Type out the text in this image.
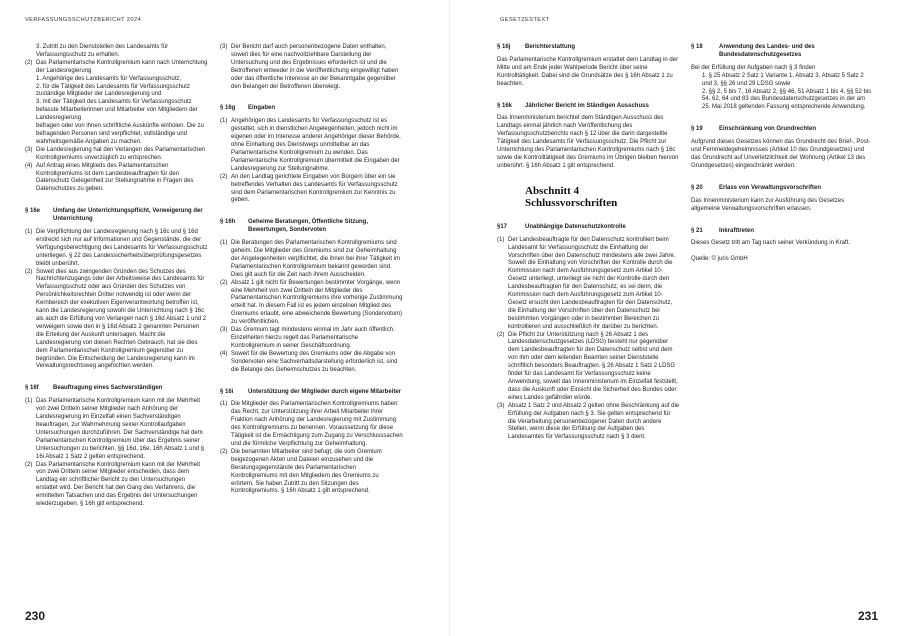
VERFASSUNGSSCHUTZBERICHT 2024

3. Zutritt zu den Dienststellen des Landesamts für Verfassungsschutz zu erhalten.

(2) Das Parlamentarische Kontrollgremium kann nach Unterrichtung der Landesregierung

1. Angehörige des Landesamts für Verfassungsschutz,

2. für die Tätigkeit des Landesamts für Verfassungsschutz zuständige Mitglieder der Landesregierung und

3. mit der Tätigkeit des Landesamts für Verfassungsschutz befasste Mitarbeiterinnen und Mitarbeiter von Mitgliedern der Landesregierung

befragen oder von ihnen schriftliche Auskünfte einholen. Die zu befragenden Personen sind verpflichtet, vollständige und wahrheitsgemäße Angaben zu machen.

(3) Die Landesregierung hat den Verlangen des Parlamentarischen Kontrollgremiums unverzüglich zu entsprechen.

(4) Auf Antrag eines Mitglieds des Parlamentarischen Kontrollgremiums ist dem Landesbeauftragten für den Datenschutz Gelegenheit zur Stellungnahme in Fragen des Datenschutzes zu geben.

§ 16e	Umfang der Unterrichtungspflicht, Verweigerung der Unterrichtung

(1) Die Verpflichtung der Landesregierung nach § 16c und § 16d erstreckt sich nur auf Informationen und Gegenstände, die der Verfügungsberechtigung des Landesamts für Verfassungsschutz unterliegen. § 22 des Landessicherheitsüberprüfungsgesetzes bleibt unberührt.

(2) Soweit dies aus zwingenden Gründen des Schutzes des Nachrichtenzugangs oder der Arbeitsweise des Landesamts für Verfassungsschutz oder aus Gründen des Schutzes von Persönlichkeitsrechten Dritter notwendig ist oder wenn der Kernbereich der exekutiven Eigenverantwortung betroffen ist, kann die Landesregierung sowohl die Unterrichtung nach § 16c als auch die Erfüllung von Verlangen nach § 16d Absatz 1 und 2 verweigern sowie den in § 16d Absatz 2 genannten Personen die Erteilung der Auskunft untersagen. Macht die Landesregierung von diesen Rechten Gebrauch, hat sie dies dem Parlamentarischen Kontrollgremium gegenüber zu begründen. Die Entscheidung der Landesregierung kann im Verwaltungsrechtsweg angefochten werden.

§ 16f	Beauftragung eines Sachverständigen

(1) Das Parlamentarische Kontrollgremium kann mit der Mehrheit von zwei Dritteln seiner Mitglieder nach Anhörung der Landesregierung im Einzelfall einen Sachverständigen beauftragen, zur Wahrnehmung seiner Kontrollaufgaben Untersuchungen durchzuführen. Der Sachverständige hat dem Parlamentarischen Kontrollgremium über das Ergebnis seiner Untersuchungen zu berichten. §§ 16d, 16e, 16h Absatz 1 und § 16i Absatz 1 Satz 2 gelten entsprechend.

(2) Das Parlamentarische Kontrollgremium kann mit der Mehrheit von zwei Dritteln seiner Mitglieder entscheiden, dass dem Landtag ein schriftlicher Bericht zu den Untersuchungen erstattet wird. Der Bericht hat den Gang des Verfahrens, die ermittelten Tatsachen und das Ergebnis der Untersuchungen wiederzugeben. § 16h gilt entsprechend.

(3) Der Bericht darf auch personenbezogene Daten enthalten, soweit dies für eine nachvollziehbare Darstellung der Untersuchung und des Ergebnisses erforderlich ist und die Betroffenen entweder in die Veröffentlichung eingewilligt haben oder das öffentliche Interesse an der Bekanntgabe gegenüber den Belangen der Betroffenen überwiegt.

§ 16g	Eingaben

(1) Angehörigen des Landesamts für Verfassungsschutz ist es gestattet, sich in dienstlichen Angelegenheiten, jedoch nicht im eigenen oder im Interesse anderer Angehöriger dieser Behörde, ohne Einhaltung des Dienstwegs unmittelbar an das Parlamentarische Kontrollgremium zu wenden. Das Parlamentarische Kontrollgremium übermittelt die Eingaben der Landesregierung zur Stellungnahme.

(2) An den Landtag gerichtete Eingaben von Bürgern über ein sie betreffendes Verhalten des Landesamts für Verfassungsschutz sind dem Parlamentarischen Kontrollgremium zur Kenntnis zu geben.

§ 16h	Geheime Beratungen, Öffentliche Sitzung, Bewertungen, Sondervoten

(1) Die Beratungen des Parlamentarischen Kontrollgremiums sind geheim. Die Mitglieder des Gremiums sind zur Geheimhaltung der Angelegenheiten verpflichtet, die ihnen bei ihrer Tätigkeit im Parlamentarischen Kontrollgremium bekannt geworden sind. Dies gilt auch für die Zeit nach ihrem Ausscheiden.

(2) Absatz 1 gilt nicht für Bewertungen bestimmter Vorgänge, wenn eine Mehrheit von zwei Dritteln der Mitglieder des Parlamentarischen Kontrollgremiums ihre vorherige Zustimmung erteilt hat. In diesem Fall ist es jedem einzelnen Mitglied des Gremiums erlaubt, eine abweichende Bewertung (Sondervotum) zu veröffentlichen.

(3) Das Gremium tagt mindestens einmal im Jahr auch öffentlich. Einzelheiten hierzu regelt das Parlamentarische Kontrollgremium in seiner Geschäftsordnung.

(4) Soweit für die Bewertung des Gremiums oder die Abgabe von Sondervoten eine Sachverhaltsdarstellung erforderlich ist, sind die Belange des Geheimschutzes zu beachten.

§ 16i	Unterstützung der Mitglieder durch eigene Mitarbeiter

(1) Die Mitglieder des Parlamentarischen Kontrollgremiums haben das Recht, zur Unterstützung ihrer Arbeit Mitarbeiter ihrer Fraktion nach Anhörung der Landesregierung mit Zustimmung des Kontrollgremiums zu benennen. Voraussetzung für diese Tätigkeit ist die Ermächtigung zum Zugang zu Verschlusssachen und die förmliche Verpflichtung zur Geheimhaltung.

(2) Die benannten Mitarbeiter sind befugt, die vom Gremium beigezogenen Akten und Dateien einzusehen und die Beratungsgegenstände des Parlamentarischen Kontrollgremiums mit den Mitgliedern des Gremiums zu erörtern. Sie haben Zutritt zu den Sitzungen des Kontrollgremiums. § 16h Absatz 1 gilt entsprechend.

230
GESETZESTEXT
§ 16j	Berichterstattung

Das Parlamentarische Kontrollgremium erstattet dem Landtag in der Mitte und am Ende jeder Wahlperiode Bericht über seine Kontrolltätigkeit. Dabei sind die Grundsätze des § 16h Absatz 1 zu beachten.

§ 16k	Jährlicher Bericht im Ständigen Ausschuss

Das Innenministerium berichtet dem Ständigen Ausschuss des Landtags einmal jährlich nach Veröffentlichung des Verfassungsschutzberichts nach § 12 über die darin dargestellte Tätigkeit des Landesamts für Verfassungsschutz. Die Pflicht zur Unterrichtung des Parlamentarischen Kontrollgremiums nach § 16c sowie die Kontrolltätigkeit des Gremiums im Übrigen bleiben hiervon unberührt. § 16h Absatz 1 gilt entsprechend.

Abschnitt 4
Schlussvorschriften
§17	Unabhängige Datenschutzkontrolle

(1) Der Landesbeauftragte für den Datenschutz kontrolliert beim Landesamt für Verfassungsschutz die Einhaltung der Vorschriften über den Datenschutz mindestens alle zwei Jahre. Soweit die Einhaltung von Vorschriften der Kontrolle durch die Kommission nach dem Ausführungsgesetz zum Artikel 10-Gesetz unterliegt, unterliegt sie nicht der Kontrolle durch den Landesbeauftragten für den Datenschutz, es sei denn, die Kommission nach dem Ausführungsgesetz zum Artikel 10-Gesetz ersucht den Landesbeauftragten für den Datenschutz, die Einhaltung der Vorschriften über den Datenschutz bei bestimmten Vorgängen oder in bestimmten Bereichen zu kontrollieren und ausschließlich ihr darüber zu berichten.

(2) Die Pflicht zur Unterstützung nach § 26 Absatz 1 des Landesdatenschutzgesetzes (LDSG) besteht nur gegenüber dem Landesbeauftragten für den Datenschutz selbst und dem von ihm oder dem leitenden Beamten seiner Dienststelle schriftlich besonders Beauftragten. § 26 Absatz 1 Satz 2 LDSG findet für das Landesamt für Verfassungsschutz keine Anwendung, soweit das Innenministerium im Einzelfall feststellt, dass die Auskunft oder Einsicht die Sicherheit des Bundes oder eines Landes gefährden würde.

(3) Absatz 1 Satz 2 und Absatz 2 gelten ohne Beschränkung auf die Erfüllung der Aufgaben nach § 3. Sie gelten entsprechend für die Verarbeitung personenbezogener Daten durch andere Stellen, wenn diese der Erfüllung der Aufgaben des Landesamtes für Verfassungsschutz nach § 3 dient.

§ 18	Anwendung des Landes- und des Bundesdatenschutzgesetzes

Bei der Erfüllung der Aufgaben nach § 3 finden

1. § 25 Absatz 2 Satz 1 Variante 1, Absatz 3, Absatz 5 Satz 2 und 3, §§ 26 und 29 LDSG sowie

2. §§ 2, 5 bis 7, 16 Absatz 2, §§ 46, 51 Absatz 1 bis 4, §§ 52 bis 54, 62, 64 und 83 des Bundesdatenschutzgesetzes in der am 25. Mai 2018 geltenden Fassung entsprechende Anwendung.

§ 19	Einschränkung von Grundrechten

Aufgrund dieses Gesetzes können das Grundrecht des Brief-, Post- und Fernmeldegeheimnisses (Artikel 10 des Grundgesetzes) und das Grundrecht auf Unverletzlichkeit der Wohnung (Artikel 13 des Grundgesetzes) eingeschränkt werden.

§ 20	Erlass von Verwaltungsvorschriften

Das Innenministerium kann zur Ausführung des Gesetzes allgemeine Verwaltungsvorschriften erlassen.

§ 21	Inkrafttreten

Dieses Gesetz tritt am Tag nach seiner Verkündung in Kraft.

Quelle: © juris GmbH

231
